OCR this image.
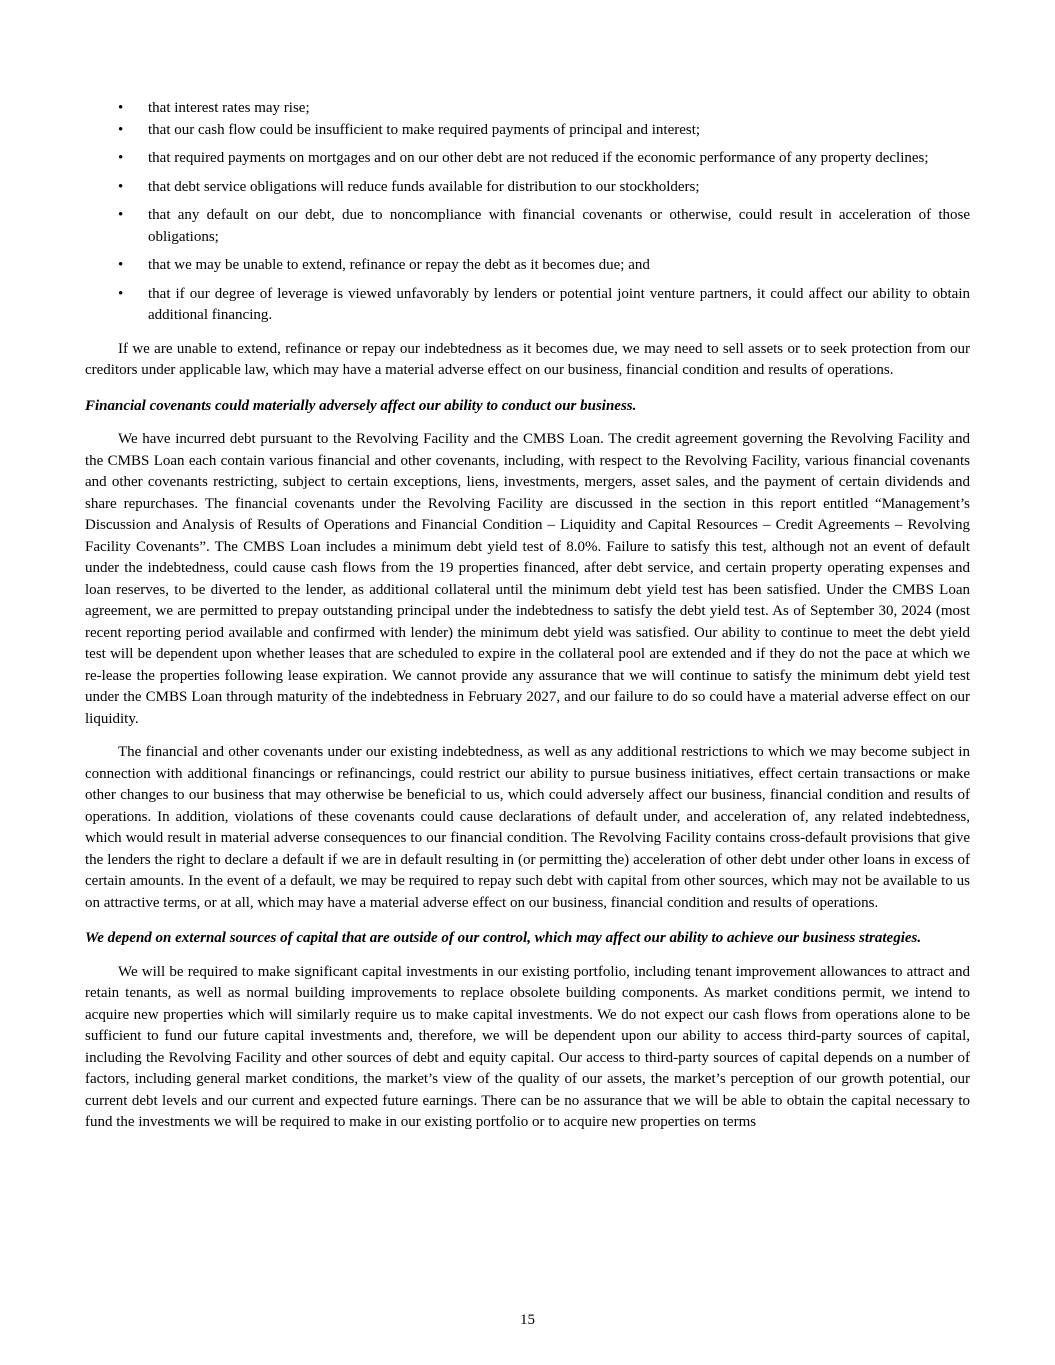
• that interest rates may rise;
• that our cash flow could be insufficient to make required payments of principal and interest;
• that required payments on mortgages and on our other debt are not reduced if the economic performance of any property declines;
• that debt service obligations will reduce funds available for distribution to our stockholders;
• that any default on our debt, due to noncompliance with financial covenants or otherwise, could result in acceleration of those obligations;
• that we may be unable to extend, refinance or repay the debt as it becomes due; and
• that if our degree of leverage is viewed unfavorably by lenders or potential joint venture partners, it could affect our ability to obtain additional financing.

If we are unable to extend, refinance or repay our indebtedness as it becomes due, we may need to sell assets or to seek protection from our creditors under applicable law, which may have a material adverse effect on our business, financial condition and results of operations.

Financial covenants could materially adversely affect our ability to conduct our business.

We have incurred debt pursuant to the Revolving Facility and the CMBS Loan. The credit agreement governing the Revolving Facility and the CMBS Loan each contain various financial and other covenants, including, with respect to the Revolving Facility, various financial covenants and other covenants restricting, subject to certain exceptions, liens, investments, mergers, asset sales, and the payment of certain dividends and share repurchases. The financial covenants under the Revolving Facility are discussed in the section in this report entitled “Management’s Discussion and Analysis of Results of Operations and Financial Condition – Liquidity and Capital Resources – Credit Agreements – Revolving Facility Covenants”. The CMBS Loan includes a minimum debt yield test of 8.0%. Failure to satisfy this test, although not an event of default under the indebtedness, could cause cash flows from the 19 properties financed, after debt service, and certain property operating expenses and loan reserves, to be diverted to the lender, as additional collateral until the minimum debt yield test has been satisfied. Under the CMBS Loan agreement, we are permitted to prepay outstanding principal under the indebtedness to satisfy the debt yield test. As of September 30, 2024 (most recent reporting period available and confirmed with lender) the minimum debt yield was satisfied. Our ability to continue to meet the debt yield test will be dependent upon whether leases that are scheduled to expire in the collateral pool are extended and if they do not the pace at which we re-lease the properties following lease expiration. We cannot provide any assurance that we will continue to satisfy the minimum debt yield test under the CMBS Loan through maturity of the indebtedness in February 2027, and our failure to do so could have a material adverse effect on our liquidity.

The financial and other covenants under our existing indebtedness, as well as any additional restrictions to which we may become subject in connection with additional financings or refinancings, could restrict our ability to pursue business initiatives, effect certain transactions or make other changes to our business that may otherwise be beneficial to us, which could adversely affect our business, financial condition and results of operations. In addition, violations of these covenants could cause declarations of default under, and acceleration of, any related indebtedness, which would result in material adverse consequences to our financial condition. The Revolving Facility contains cross-default provisions that give the lenders the right to declare a default if we are in default resulting in (or permitting the) acceleration of other debt under other loans in excess of certain amounts. In the event of a default, we may be required to repay such debt with capital from other sources, which may not be available to us on attractive terms, or at all, which may have a material adverse effect on our business, financial condition and results of operations.

We depend on external sources of capital that are outside of our control, which may affect our ability to achieve our business strategies.

We will be required to make significant capital investments in our existing portfolio, including tenant improvement allowances to attract and retain tenants, as well as normal building improvements to replace obsolete building components. As market conditions permit, we intend to acquire new properties which will similarly require us to make capital investments. We do not expect our cash flows from operations alone to be sufficient to fund our future capital investments and, therefore, we will be dependent upon our ability to access third-party sources of capital, including the Revolving Facility and other sources of debt and equity capital. Our access to third-party sources of capital depends on a number of factors, including general market conditions, the market’s view of the quality of our assets, the market’s perception of our growth potential, our current debt levels and our current and expected future earnings. There can be no assurance that we will be able to obtain the capital necessary to fund the investments we will be required to make in our existing portfolio or to acquire new properties on terms

15
